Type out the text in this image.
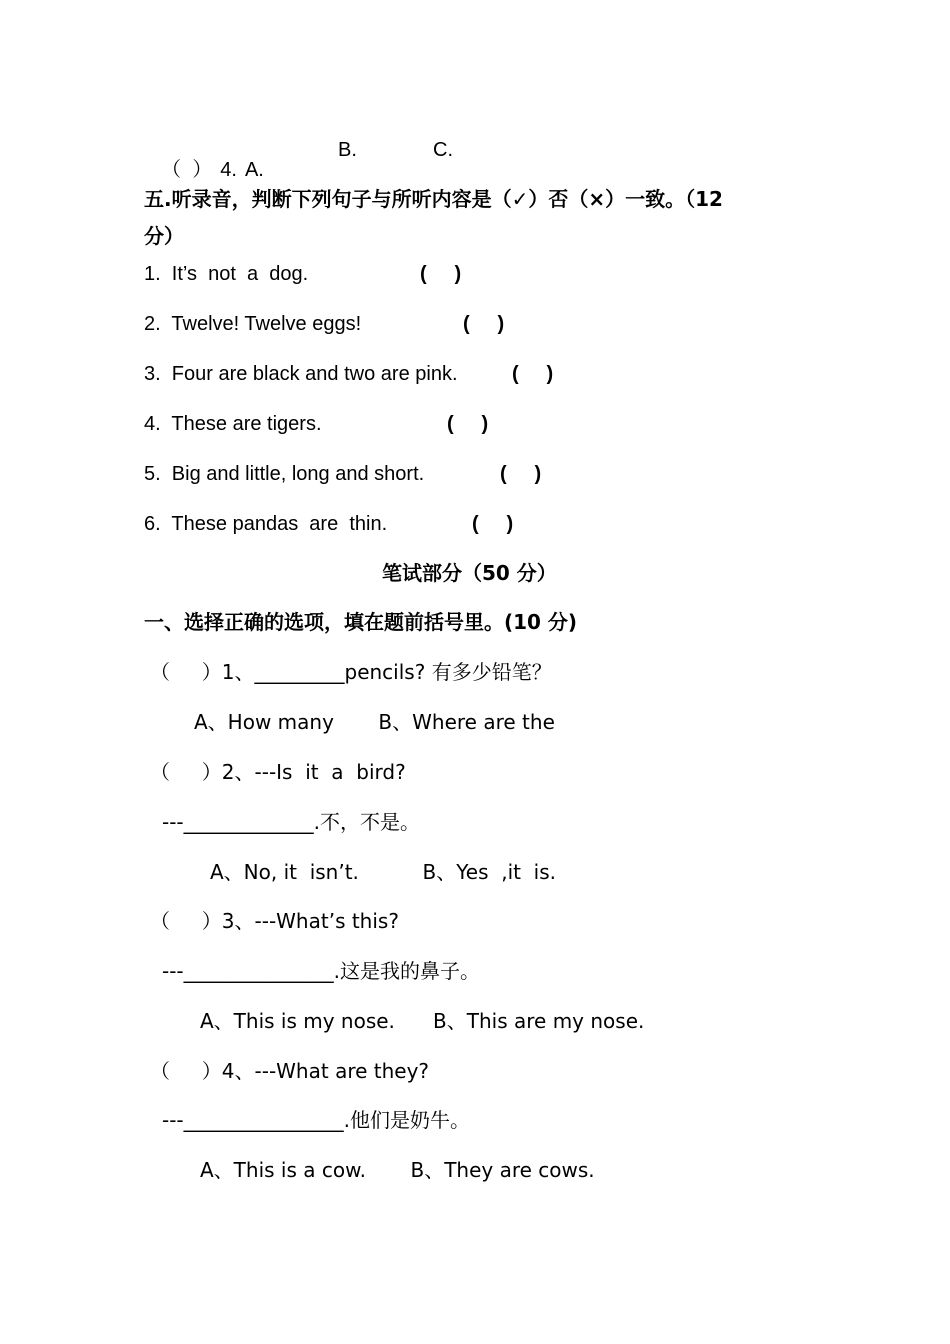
（  ） 4. A.

B.	C.
五.听录音，判断下列句子与所听内容是（✓）否（×）一致。（12
分）
1.  It’s  not  a  dog.	(     )
2.  Twelve! Twelve eggs!	(     )
3.  Four are black and two are pink.	(     )
4.  These are tigers.	(     )
5.  Big and little, long and short.	(     )
6.  These pandas  are  thin.	(     )
笔试部分（50 分）
一、选择正确的选项，填在题前括号里。(10 分)
（     ）1、_________pencils? 有多少铅笔？
A、How many       B、Where are the
（     ）2、---Is  it  a  bird?
---_____________.不，不是。
A、No, it  isn’t.          B、Yes  ,it  is.
（     ）3、---What’s this?
---_______________.这是我的鼻子。
A、This is my nose.      B、This are my nose.
（     ）4、---What are they?
---________________.他们是奶牛。
A、This is a cow.       B、They are cows.
